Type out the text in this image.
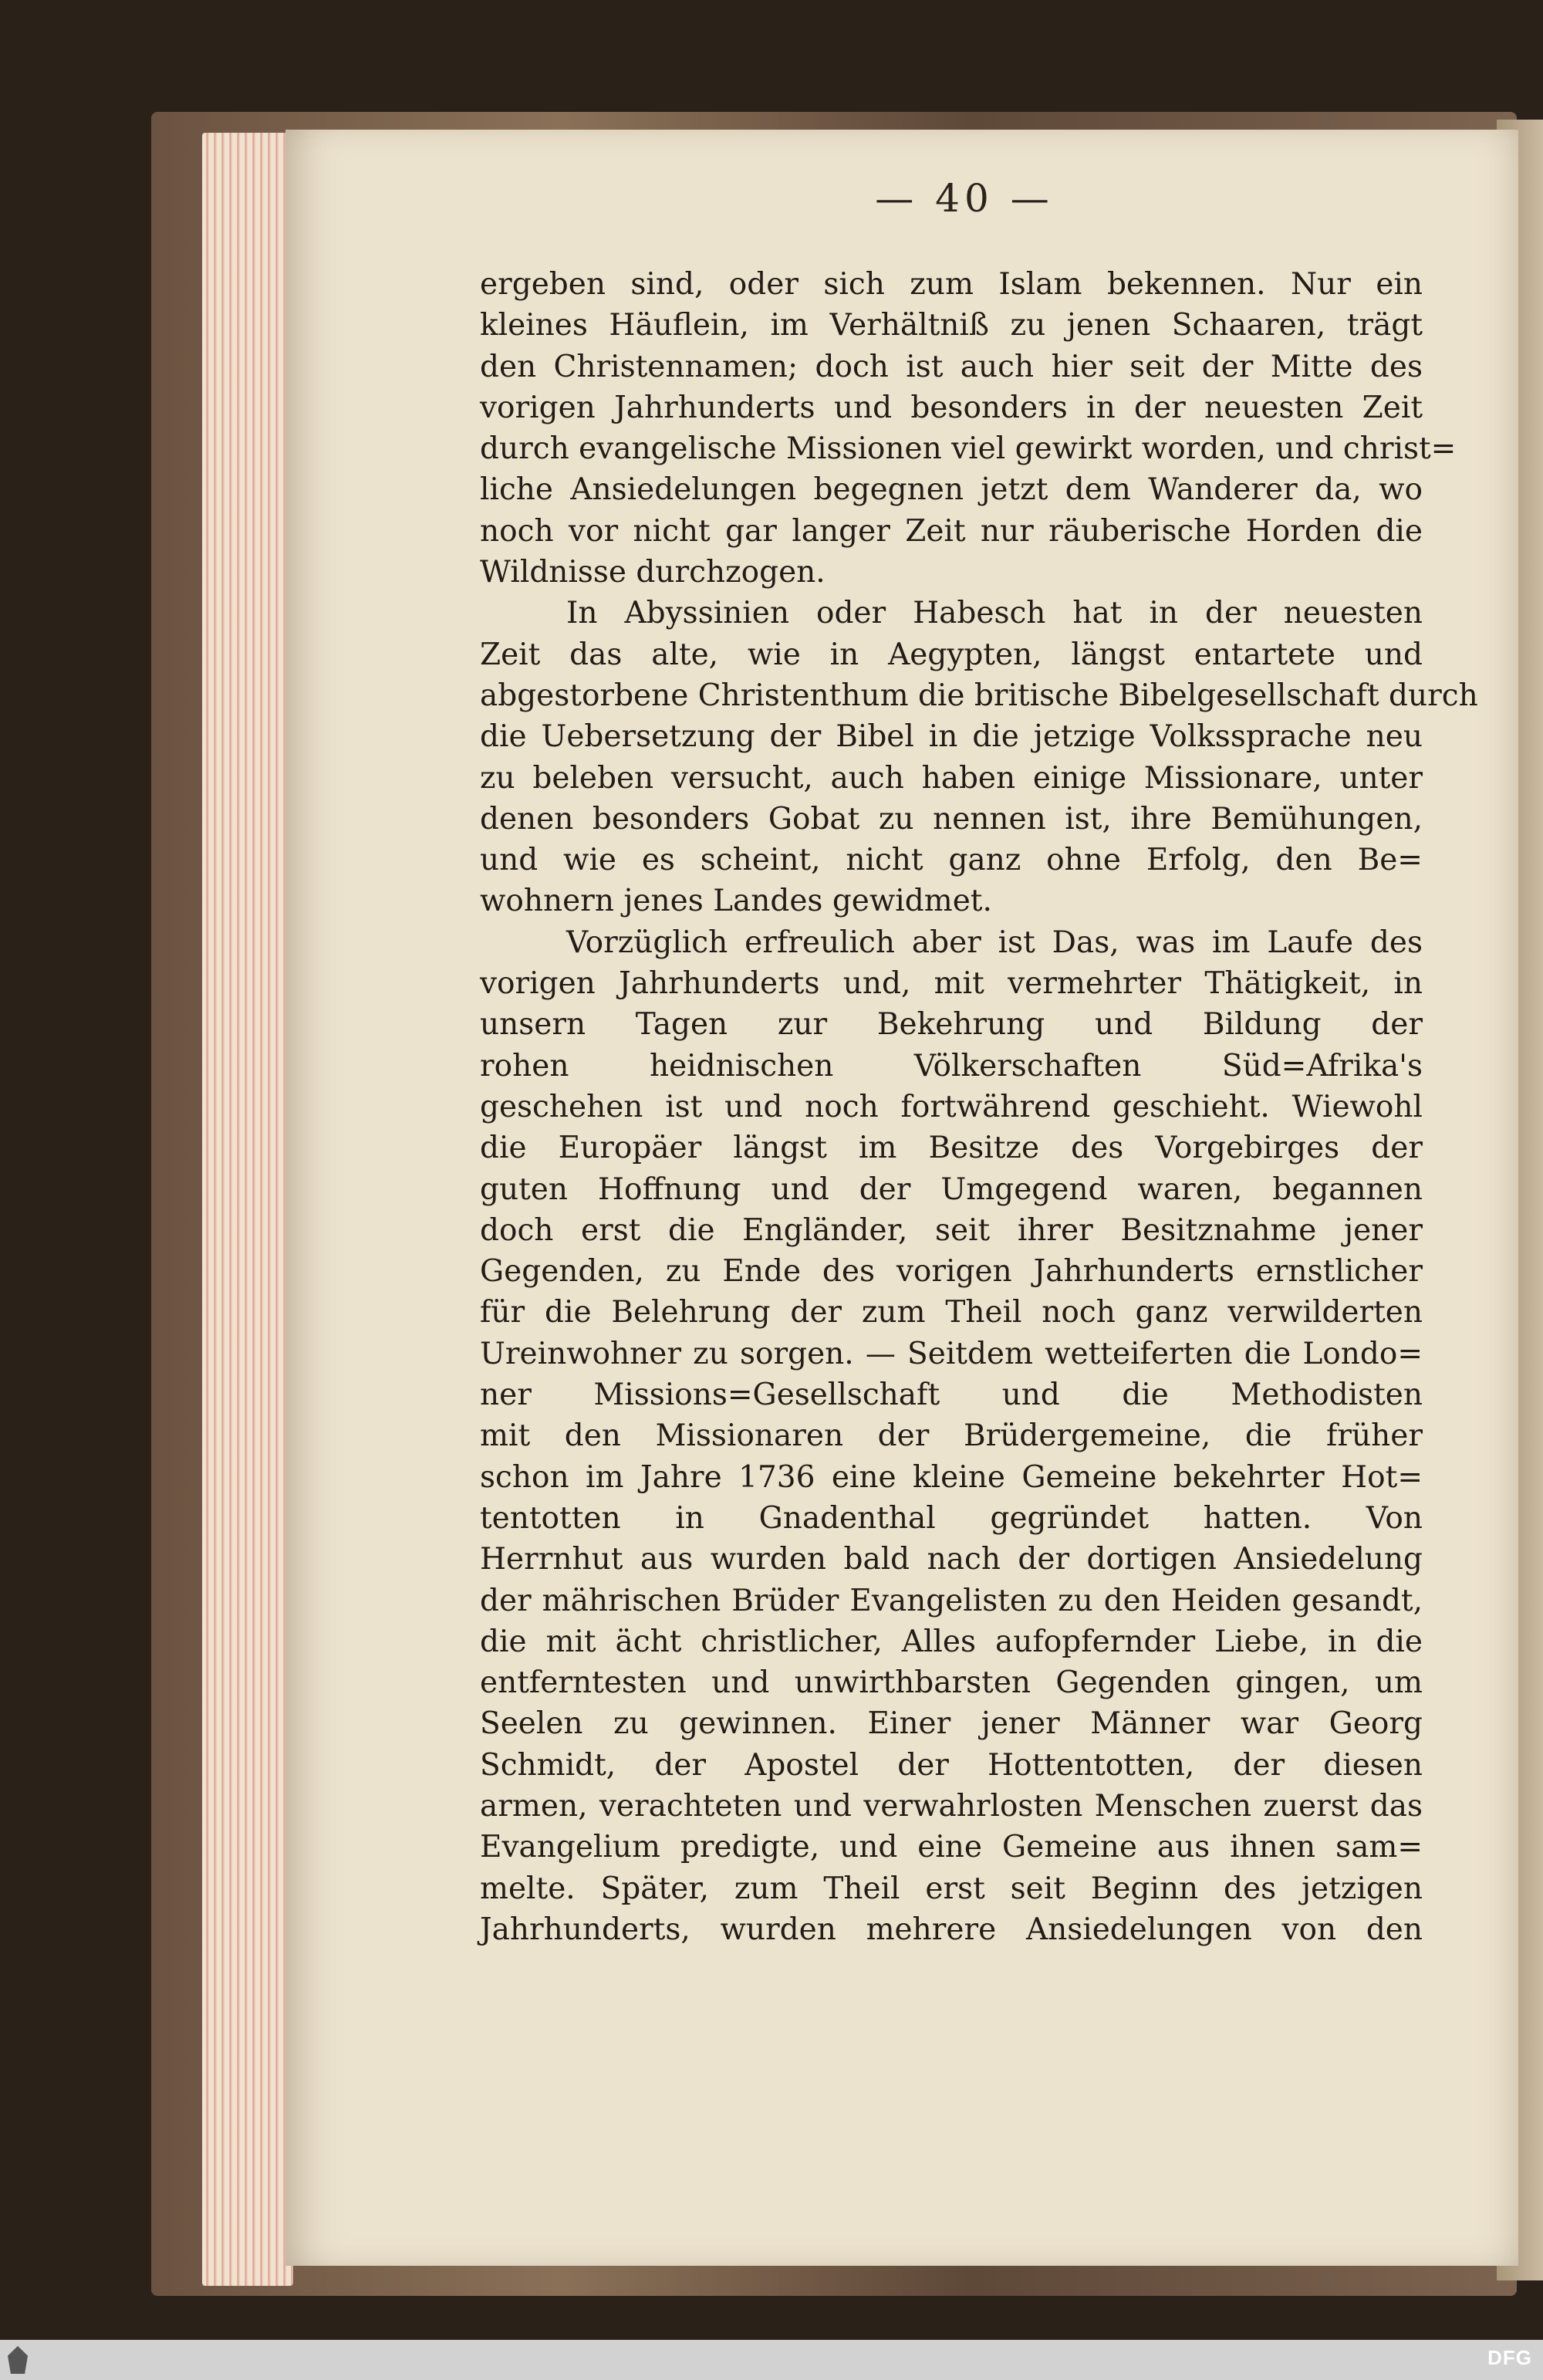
— 40 —
ergeben sind, oder sich zum Islam bekennen. Nur ein
kleines Häuflein, im Verhältniß zu jenen Schaaren, trägt
den Christennamen; doch ist auch hier seit der Mitte des
vorigen Jahrhunderts und besonders in der neuesten Zeit
durch evangelische Missionen viel gewirkt worden, und christ=
liche Ansiedelungen begegnen jetzt dem Wanderer da, wo
noch vor nicht gar langer Zeit nur räuberische Horden die
Wildnisse durchzogen.
In Abyssinien oder Habesch hat in der neuesten
Zeit das alte, wie in Aegypten, längst entartete und
abgestorbene Christenthum die britische Bibelgesellschaft durch
die Uebersetzung der Bibel in die jetzige Volkssprache neu
zu beleben versucht, auch haben einige Missionare, unter
denen besonders Gobat zu nennen ist, ihre Bemühungen,
und wie es scheint, nicht ganz ohne Erfolg, den Be=
wohnern jenes Landes gewidmet.
Vorzüglich erfreulich aber ist Das, was im Laufe des
vorigen Jahrhunderts und, mit vermehrter Thätigkeit, in
unsern Tagen zur Bekehrung und Bildung der
rohen heidnischen Völkerschaften Süd=Afrika's
geschehen ist und noch fortwährend geschieht. Wiewohl
die Europäer längst im Besitze des Vorgebirges der
guten Hoffnung und der Umgegend waren, begannen
doch erst die Engländer, seit ihrer Besitznahme jener
Gegenden, zu Ende des vorigen Jahrhunderts ernstlicher
für die Belehrung der zum Theil noch ganz verwilderten
Ureinwohner zu sorgen. — Seitdem wetteiferten die Londo=
ner Missions=Gesellschaft und die Methodisten
mit den Missionaren der Brüdergemeine, die früher
schon im Jahre 1736 eine kleine Gemeine bekehrter Hot=
tentotten in Gnadenthal gegründet hatten. Von
Herrnhut aus wurden bald nach der dortigen Ansiedelung
der mährischen Brüder Evangelisten zu den Heiden gesandt,
die mit ächt christlicher, Alles aufopfernder Liebe, in die
entferntesten und unwirthbarsten Gegenden gingen, um
Seelen zu gewinnen. Einer jener Männer war Georg
Schmidt, der Apostel der Hottentotten, der diesen
armen, verachteten und verwahrlosten Menschen zuerst das
Evangelium predigte, und eine Gemeine aus ihnen sam=
melte. Später, zum Theil erst seit Beginn des jetzigen
Jahrhunderts, wurden mehrere Ansiedelungen von den
DFG
